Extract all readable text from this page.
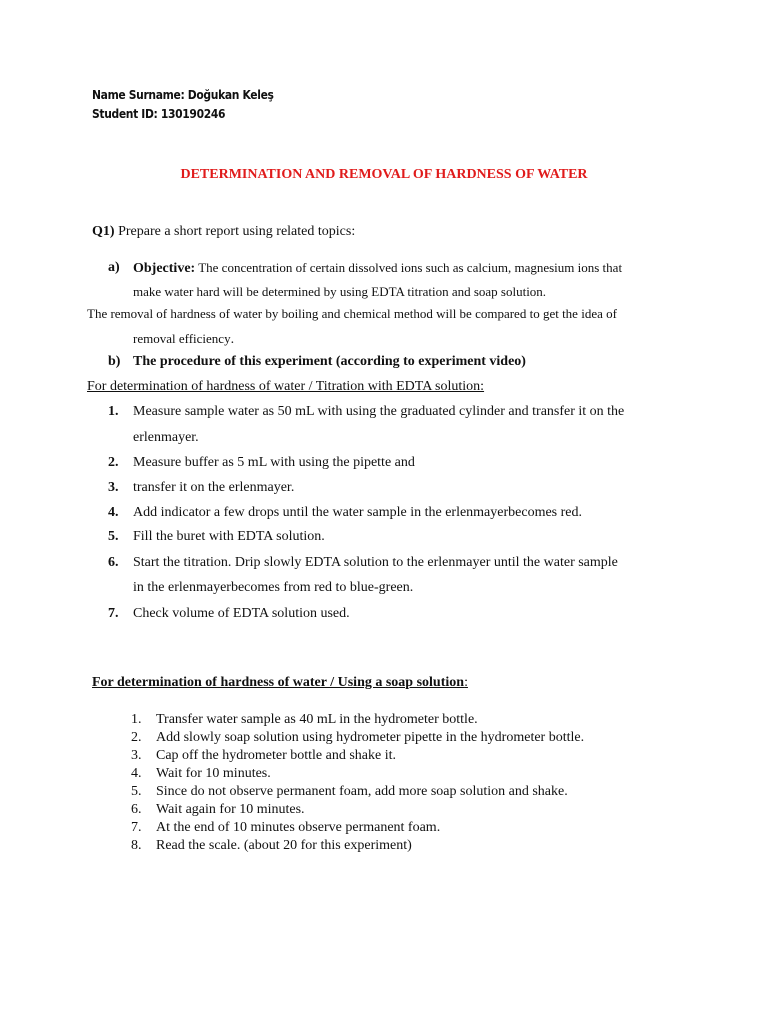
Name Surname: Doğukan Keleş
Student ID: 130190246
DETERMINATION AND REMOVAL OF HARDNESS OF WATER
Q1) Prepare a short report using related topics:
a) Objective: The concentration of certain dissolved ions such as calcium, magnesium ions that
make water hard will be determined by using EDTA titration and soap solution.
The removal of hardness of water by boiling and chemical method will be compared to get the idea of
removal efficiency.
b) The procedure of this experiment (according to experiment video)
For determination of hardness of water / Titration with EDTA solution:
1. Measure sample water as 50 mL with using the graduated cylinder and transfer it on the
erlenmayer.
2. Measure buffer as 5 mL with using the pipette and
3. transfer it on the erlenmayer.
4. Add indicator a few drops until the water sample in the erlenmayerbecomes red.
5. Fill the buret with EDTA solution.
6. Start the titration. Drip slowly EDTA solution to the erlenmayer until the water sample
in the erlenmayerbecomes from red to blue-green.
7. Check volume of EDTA solution used.
For determination of hardness of water / Using a soap solution:
1. Transfer water sample as 40 mL in the hydrometer bottle.
2. Add slowly soap solution using hydrometer pipette in the hydrometer bottle.
3. Cap off the hydrometer bottle and shake it.
4. Wait for 10 minutes.
5. Since do not observe permanent foam, add more soap solution and shake.
6. Wait again for 10 minutes.
7. At the end of 10 minutes observe permanent foam.
8. Read the scale. (about 20 for this experiment)
